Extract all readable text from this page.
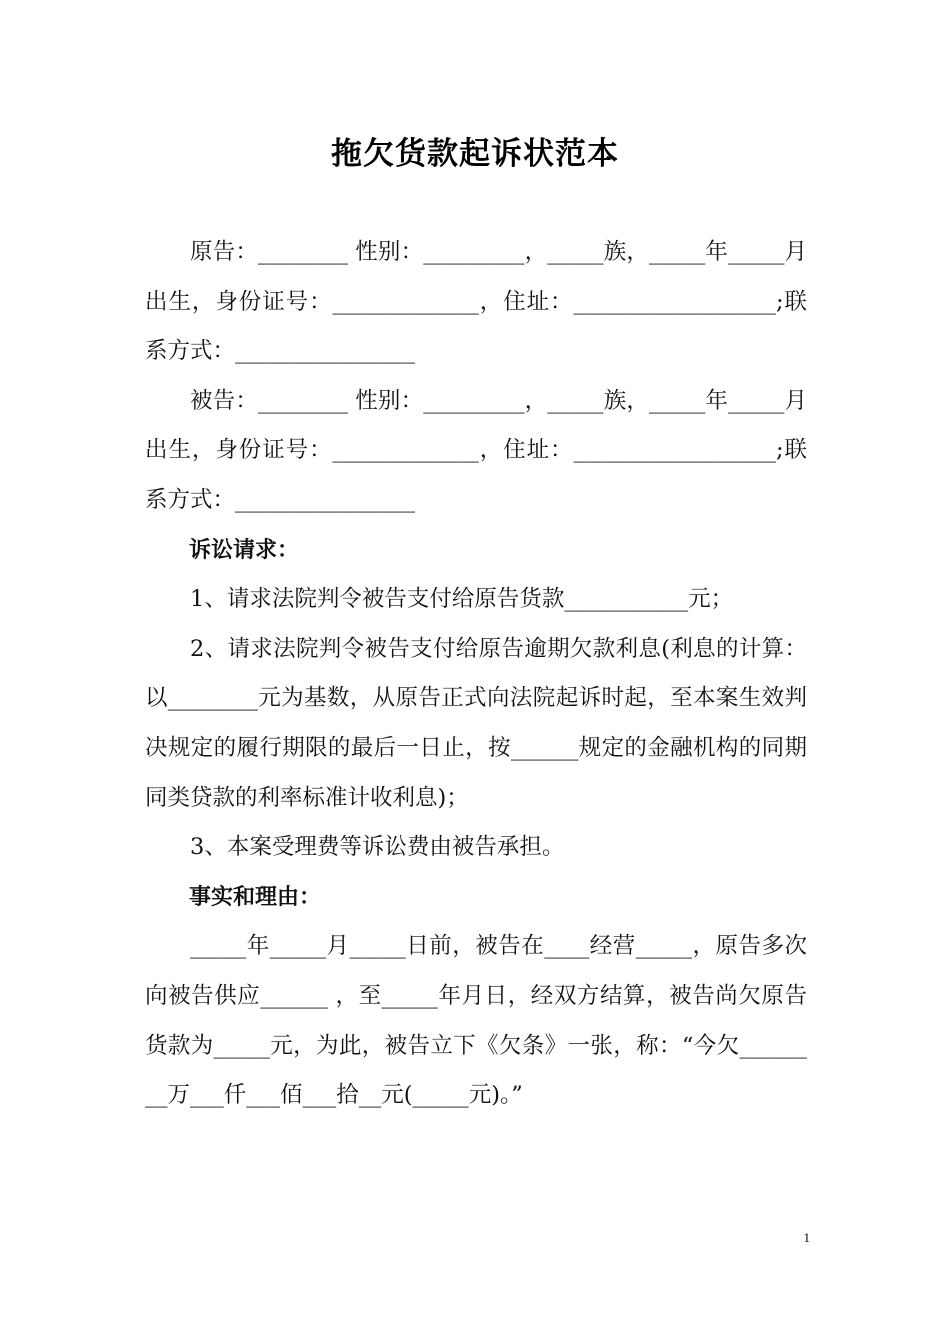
拖欠货款起诉状范本

原告：________ 性别：_________，_____族，_____年_____月出生，身份证号：_____________，住址：__________________;联系方式：________________

被告：________ 性别：_________，_____族，_____年_____月出生，身份证号：_____________，住址：__________________;联系方式：________________

诉讼请求：

1、请求法院判令被告支付给原告货款___________元；

2、请求法院判令被告支付给原告逾期欠款利息(利息的计算：以________元为基数，从原告正式向法院起诉时起，至本案生效判决规定的履行期限的最后一日止，按______规定的金融机构的同期同类贷款的利率标准计收利息)；

3、本案受理费等诉讼费由被告承担。

事实和理由：

_____年_____月_____日前，被告在____经营_____，原告多次向被告供应______ ，至_____年月日，经双方结算，被告尚欠原告货款为_____元，为此，被告立下《欠条》一张，称：“今欠________万___仟___佰___拾__元(_____元)。”

1
